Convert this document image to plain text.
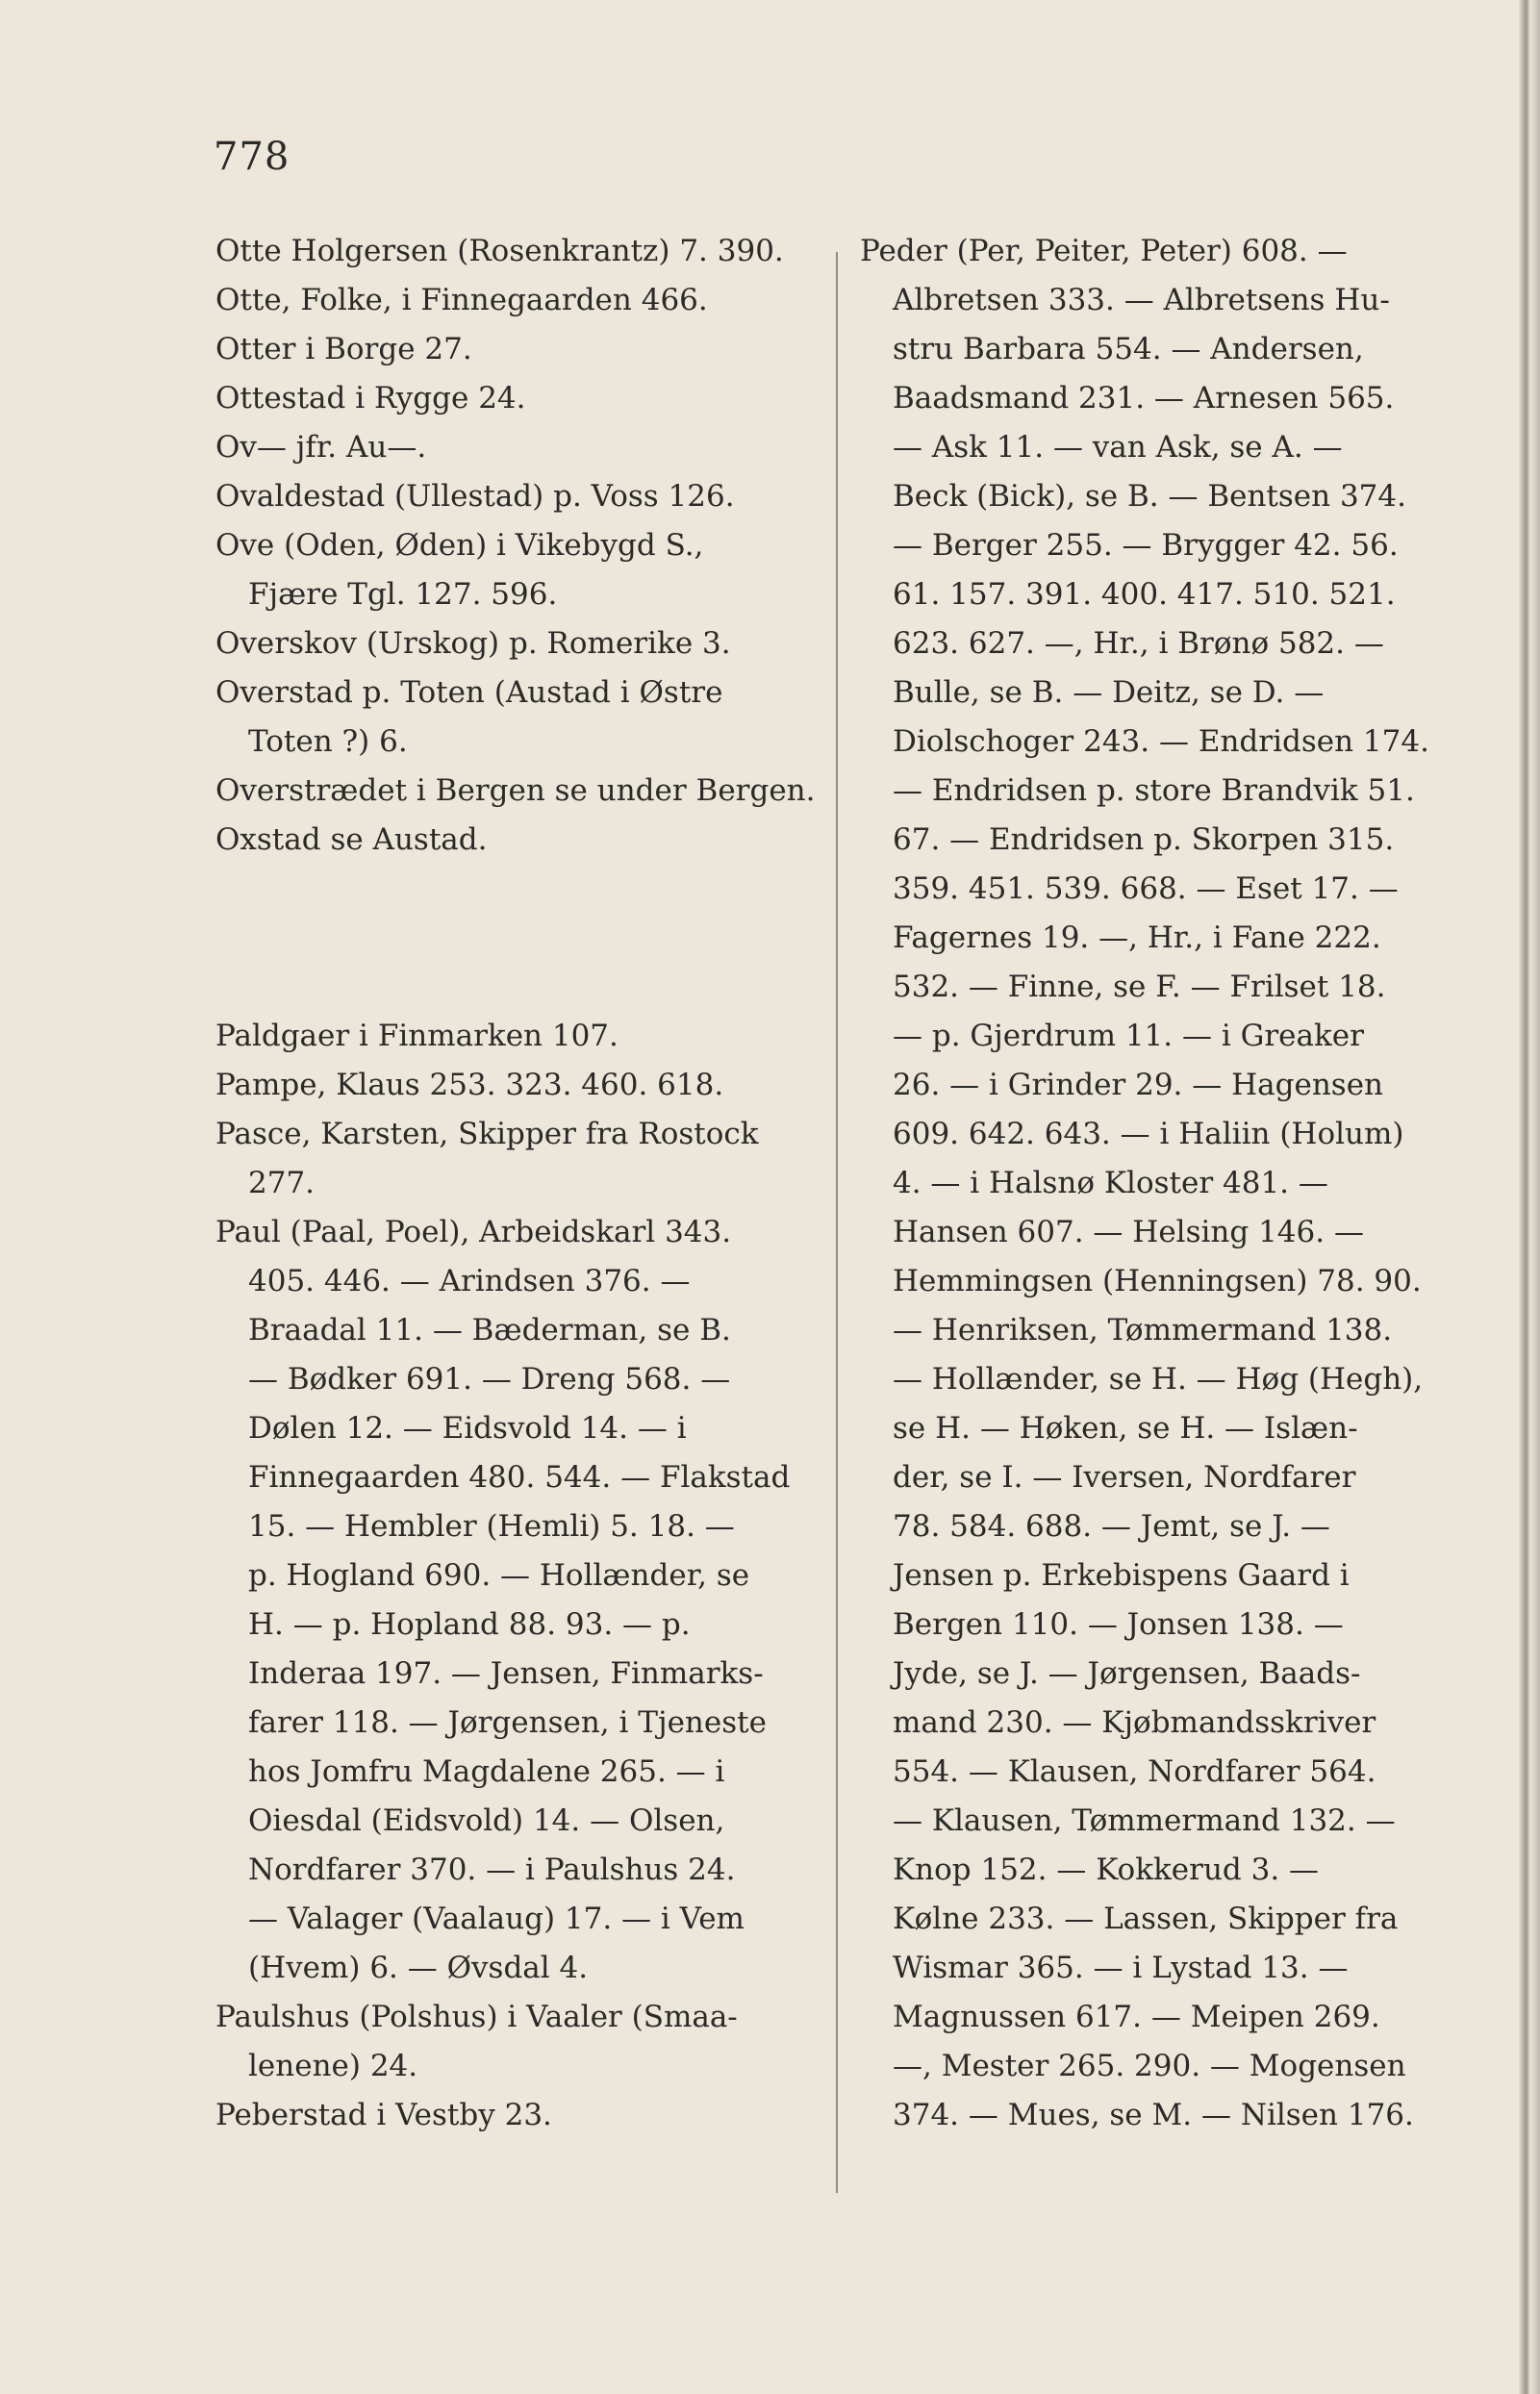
778
Otte Holgersen (Rosenkrantz) 7. 390.
Otte, Folke, i Finnegaarden 466.
Otter i Borge 27.
Ottestad i Rygge 24.
Ov— jfr. Au—.
Ovaldestad (Ullestad) p. Voss 126.
Ove (Oden, Øden) i Vikebygd S.,
Fjære Tgl. 127. 596.
Overskov (Urskog) p. Romerike 3.
Overstad p. Toten (Austad i Østre
Toten ?) 6.
Overstrædet i Bergen se under Bergen.
Oxstad se Austad.
Paldgaer i Finmarken 107.
Pampe, Klaus 253. 323. 460. 618.
Pasce, Karsten, Skipper fra Rostock
277.
Paul (Paal, Poel), Arbeidskarl 343.
405. 446. — Arindsen 376. —
Braadal 11. — Bæderman, se B.
— Bødker 691. — Dreng 568. —
Dølen 12. — Eidsvold 14. — i
Finnegaarden 480. 544. — Flakstad
15. — Hembler (Hemli) 5. 18. —
p. Hogland 690. — Hollænder, se
H. — p. Hopland 88. 93. — p.
Inderaa 197. — Jensen, Finmarks-
farer 118. — Jørgensen, i Tjeneste
hos Jomfru Magdalene 265. — i
Oiesdal (Eidsvold) 14. — Olsen,
Nordfarer 370. — i Paulshus 24.
— Valager (Vaalaug) 17. — i Vem
(Hvem) 6. — Øvsdal 4.
Paulshus (Polshus) i Vaaler (Smaa-
lenene) 24.
Peberstad i Vestby 23.
Peder (Per, Peiter, Peter) 608. —
Albretsen 333. — Albretsens Hu-
stru Barbara 554. — Andersen,
Baadsmand 231. — Arnesen 565.
— Ask 11. — van Ask, se A. —
Beck (Bick), se B. — Bentsen 374.
— Berger 255. — Brygger 42. 56.
61. 157. 391. 400. 417. 510. 521.
623. 627. —, Hr., i Brønø 582. —
Bulle, se B. — Deitz, se D. —
Diolschoger 243. — Endridsen 174.
— Endridsen p. store Brandvik 51.
67. — Endridsen p. Skorpen 315.
359. 451. 539. 668. — Eset 17. —
Fagernes 19. —, Hr., i Fane 222.
532. — Finne, se F. — Frilset 18.
— p. Gjerdrum 11. — i Greaker
26. — i Grinder 29. — Hagensen
609. 642. 643. — i Haliin (Holum)
4. — i Halsnø Kloster 481. —
Hansen 607. — Helsing 146. —
Hemmingsen (Henningsen) 78. 90.
— Henriksen, Tømmermand 138.
— Hollænder, se H. — Høg (Hegh),
se H. — Høken, se H. — Islæn-
der, se I. — Iversen, Nordfarer
78. 584. 688. — Jemt, se J. —
Jensen p. Erkebispens Gaard i
Bergen 110. — Jonsen 138. —
Jyde, se J. — Jørgensen, Baads-
mand 230. — Kjøbmandsskriver
554. — Klausen, Nordfarer 564.
— Klausen, Tømmermand 132. —
Knop 152. — Kokkerud 3. —
Kølne 233. — Lassen, Skipper fra
Wismar 365. — i Lystad 13. —
Magnussen 617. — Meipen 269.
—, Mester 265. 290. — Mogensen
374. — Mues, se M. — Nilsen 176.
